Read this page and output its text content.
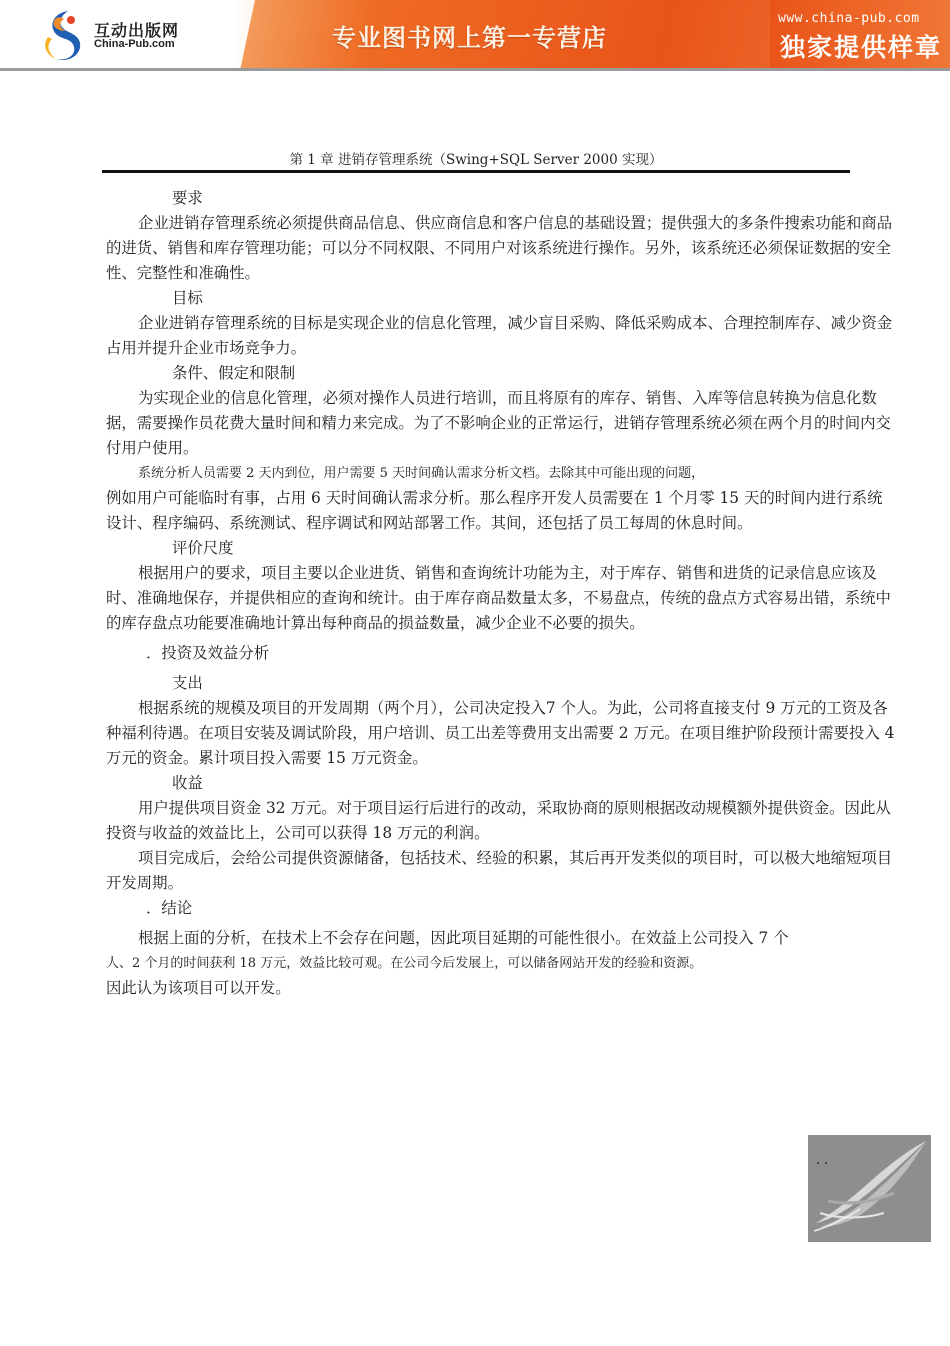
互动出版网
China-Pub.com	专业图书网上第一专营店
www.china-pub.com
独家提供样章
第 1 章 进销存管理系统（Swing+SQL Server 2000 实现）
要求

企业进销存管理系统必须提供商品信息、供应商信息和客户信息的基础设置；提供强大的多条件搜索功能和商品的进货、销售和库存管理功能；可以分不同权限、不同用户对该系统进行操作。另外，该系统还必须保证数据的安全性、完整性和准确性。

目标

企业进销存管理系统的目标是实现企业的信息化管理，减少盲目采购、降低采购成本、合理控制库存、减少资金占用并提升企业市场竞争力。

条件、假定和限制

为实现企业的信息化管理，必须对操作人员进行培训，而且将原有的库存、销售、入库等信息转换为信息化数据，需要操作员花费大量时间和精力来完成。为了不影响企业的正常运行，进销存管理系统必须在两个月的时间内交付用户使用。

系统分析人员需要 2 天内到位，用户需要 5 天时间确认需求分析文档。去除其中可能出现的问题，

例如用户可能临时有事，占用 6 天时间确认需求分析。那么程序开发人员需要在 1 个月零 15 天的时间内进行系统设计、程序编码、系统测试、程序调试和网站部署工作。其间，还包括了员工每周的休息时间。

评价尺度

根据用户的要求，项目主要以企业进货、销售和查询统计功能为主，对于库存、销售和进货的记录信息应该及时、准确地保存，并提供相应的查询和统计。由于库存商品数量太多，不易盘点，传统的盘点方式容易出错，系统中的库存盘点功能要准确地计算出每种商品的损益数量，减少企业不必要的损失。

．投资及效益分析
支出

根据系统的规模及项目的开发周期（两个月），公司决定投入7 个人。为此，公司将直接支付 9 万元的工资及各种福利待遇。在项目安装及调试阶段，用户培训、员工出差等费用支出需要 2 万元。在项目维护阶段预计需要投入 4 万元的资金。累计项目投入需要 15 万元资金。

收益

用户提供项目资金 32 万元。对于项目运行后进行的改动，采取协商的原则根据改动规模额外提供资金。因此从投资与收益的效益比上，公司可以获得 18 万元的利润。

项目完成后，会给公司提供资源储备，包括技术、经验的积累，其后再开发类似的项目时，可以极大地缩短项目开发周期。

．结论

根据上面的分析，在技术上不会存在问题，因此项目延期的可能性很小。在效益上公司投入 7 个

人、2 个月的时间获利 18 万元，效益比较可观。在公司今后发展上，可以储备网站开发的经验和资源。

因此认为该项目可以开发。
